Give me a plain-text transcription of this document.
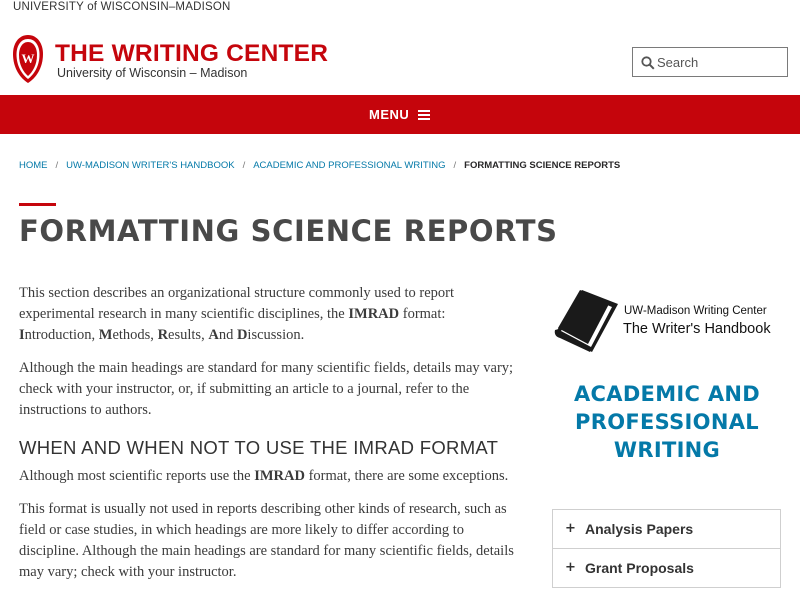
UNIVERSITY of WISCONSIN–MADISON
W THE WRITING CENTER
University of Wisconsin – Madison
Search
MENU
HOME / UW-MADISON WRITER'S HANDBOOK / ACADEMIC AND PROFESSIONAL WRITING / FORMATTING SCIENCE REPORTS
FORMATTING SCIENCE REPORTS

This section describes an organizational structure commonly used to report experimental research in many scientific disciplines, the IMRAD format: Introduction, Methods, Results, And Discussion.

Although the main headings are standard for many scientific fields, details may vary; check with your instructor, or, if submitting an article to a journal, refer to the instructions to authors.

WHEN AND WHEN NOT TO USE THE IMRAD FORMAT

Although most scientific reports use the IMRAD format, there are some exceptions.

This format is usually not used in reports describing other kinds of research, such as field or case studies, in which headings are more likely to differ according to discipline. Although the main headings are standard for many scientific fields, details may vary; check with your instructor.

UW-Madison Writing Center
The Writer's Handbook
ACADEMIC AND PROFESSIONAL WRITING
+ Analysis Papers
+ Grant Proposals
